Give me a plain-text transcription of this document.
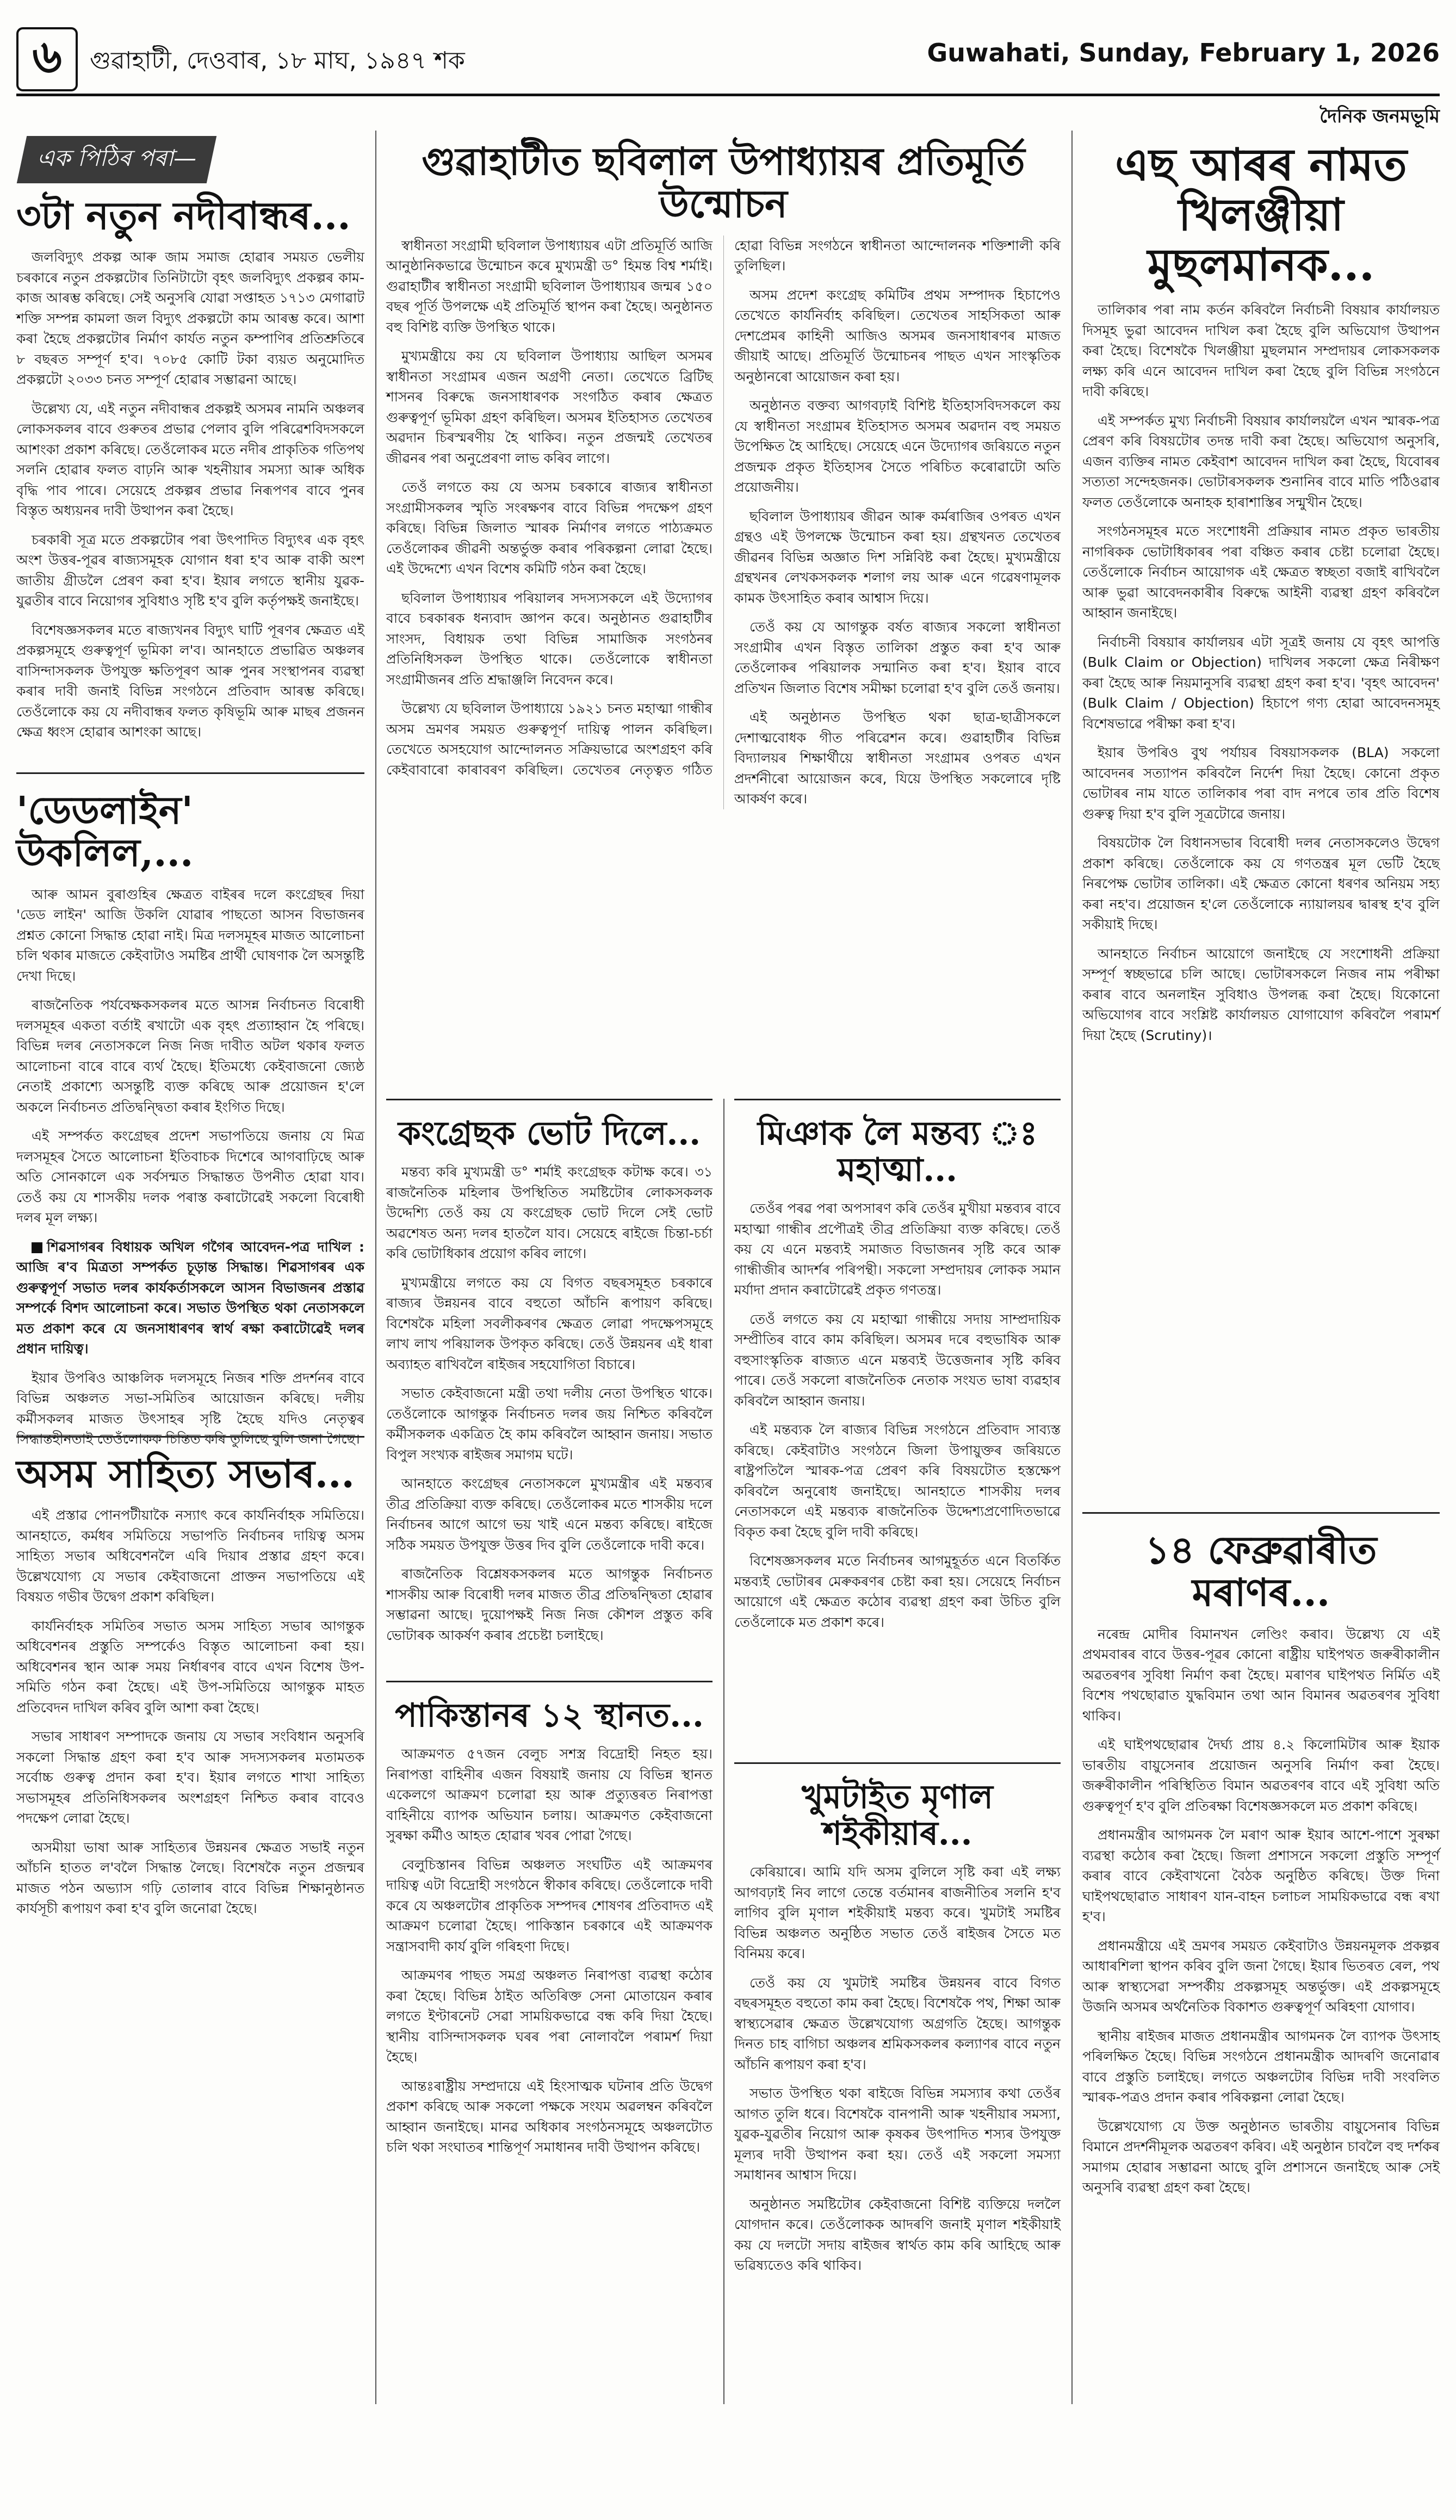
৬	গুৱাহাটী, দেওবাৰ, ১৮ মাঘ, ১৯৪৭ শক	Guwahati, Sunday, February 1, 2026
দৈনিক জনমভূমি
এক পিঠিৰ পৰা—
৩টা নতুন নদীবান্ধৰ...

জলবিদ্যুৎ প্ৰকল্প আৰু জাম সমাজ হোৱাৰ সময়ত ভেলীয় চৰকাৰে নতুন প্ৰকল্পটোৰ তিনিটাটো বৃহৎ জলবিদ্যুৎ প্ৰকল্পৰ কাম-কাজ আৰম্ভ কৰিছে। সেই অনুসৰি যোৱা সপ্তাহত ১৭১৩ মেগাৱাট শক্তি সম্পন্ন কামলা জল বিদ্যুৎ প্ৰকল্পটো কাম আৰম্ভ কৰে। আশা কৰা হৈছে প্ৰকল্পটোৰ নিৰ্মাণ কাৰ্যত নতুন কম্পাণিৰ প্ৰতিশ্ৰুতিৰে ৮ বছৰত সম্পূৰ্ণ হ'ব। ৭০৮৫ কোটি টকা ব্যয়ত অনুমোদিত প্ৰকল্পটো ২০৩৩ চনত সম্পূৰ্ণ হোৱাৰ সম্ভাৱনা আছে।

উল্লেখ্য যে, এই নতুন নদীবান্ধৰ প্ৰকল্পই অসমৰ নামনি অঞ্চলৰ লোকসকলৰ বাবে গুৰুতৰ প্ৰভাৱ পেলাব বুলি পৰিৱেশবিদসকলে আশংকা প্ৰকাশ কৰিছে। তেওঁলোকৰ মতে নদীৰ প্ৰাকৃতিক গতিপথ সলনি হোৱাৰ ফলত বাঢ়নি আৰু খহনীয়াৰ সমস্যা আৰু অধিক বৃদ্ধি পাব পাৰে। সেয়েহে প্ৰকল্পৰ প্ৰভাৱ নিৰূপণৰ বাবে পুনৰ বিস্তৃত অধ্যয়নৰ দাবী উত্থাপন কৰা হৈছে।

চৰকাৰী সূত্ৰ মতে প্ৰকল্পটোৰ পৰা উৎপাদিত বিদ্যুৎৰ এক বৃহৎ অংশ উত্তৰ-পূৱৰ ৰাজ্যসমূহক যোগান ধৰা হ'ব আৰু বাকী অংশ জাতীয় গ্ৰীডলৈ প্ৰেৰণ কৰা হ'ব। ইয়াৰ লগতে স্থানীয় যুৱক-যুৱতীৰ বাবে নিয়োগৰ সুবিধাও সৃষ্টি হ'ব বুলি কৰ্তৃপক্ষই জনাইছে।

বিশেষজ্ঞসকলৰ মতে ৰাজ্যখনৰ বিদ্যুৎ ঘাটি পূৰণৰ ক্ষেত্ৰত এই প্ৰকল্পসমূহে গুৰুত্বপূৰ্ণ ভূমিকা ল'ব। আনহাতে প্ৰভাৱিত অঞ্চলৰ বাসিন্দাসকলক উপযুক্ত ক্ষতিপূৰণ আৰু পুনৰ সংস্থাপনৰ ব্যৱস্থা কৰাৰ দাবী জনাই বিভিন্ন সংগঠনে প্ৰতিবাদ আৰম্ভ কৰিছে। তেওঁলোকে কয় যে নদীবান্ধৰ ফলত কৃষিভূমি আৰু মাছৰ প্ৰজনন ক্ষেত্ৰ ধ্বংস হোৱাৰ আশংকা আছে।

'ডেডলাইন' উকলিল,...

আৰু আমন বুৰাগুহিৰ ক্ষেত্ৰত বাইৰৰ দলে কংগ্ৰেছৰ দিয়া 'ডেড লাইন' আজি উকলি যোৱাৰ পাছতো আসন বিভাজনৰ প্ৰশ্নত কোনো সিদ্ধান্ত হোৱা নাই। মিত্ৰ দলসমূহৰ মাজত আলোচনা চলি থকাৰ মাজতে কেইবাটাও সমষ্টিৰ প্ৰাৰ্থী ঘোষণাক লৈ অসন্তুষ্টি দেখা দিছে।

ৰাজনৈতিক পৰ্যবেক্ষকসকলৰ মতে আসন্ন নিৰ্বাচনত বিৰোধী দলসমূহৰ একতা বৰ্তাই ৰখাটো এক বৃহৎ প্ৰত্যাহ্বান হৈ পৰিছে। বিভিন্ন দলৰ নেতাসকলে নিজ নিজ দাবীত অটল থকাৰ ফলত আলোচনা বাৰে বাৰে ব্যৰ্থ হৈছে। ইতিমধ্যে কেইবাজনো জ্যেষ্ঠ নেতাই প্ৰকাশ্যে অসন্তুষ্টি ব্যক্ত কৰিছে আৰু প্ৰয়োজন হ'লে অকলে নিৰ্বাচনত প্ৰতিদ্বন্দ্বিতা কৰাৰ ইংগিত দিছে।

এই সম্পৰ্কত কংগ্ৰেছৰ প্ৰদেশ সভাপতিয়ে জনায় যে মিত্ৰ দলসমূহৰ সৈতে আলোচনা ইতিবাচক দিশেৰে আগবাঢ়িছে আৰু অতি সোনকালে এক সৰ্বসন্মত সিদ্ধান্তত উপনীত হোৱা যাব। তেওঁ কয় যে শাসকীয় দলক পৰাস্ত কৰাটোৱেই সকলো বিৰোধী দলৰ মূল লক্ষ্য।

শিৱসাগৰৰ বিধায়ক অখিল গগৈৰ আবেদন-পত্ৰ দাখিল : আজি ৰ'ব মিত্ৰতা সম্পৰ্কত চূড়ান্ত সিদ্ধান্ত। শিৱসাগৰৰ এক গুৰুত্বপূৰ্ণ সভাত দলৰ কাৰ্যকৰ্তাসকলে আসন বিভাজনৰ প্ৰস্তাৱ সম্পৰ্কে বিশদ আলোচনা কৰে। সভাত উপস্থিত থকা নেতাসকলে মত প্ৰকাশ কৰে যে জনসাধাৰণৰ স্বাৰ্থ ৰক্ষা কৰাটোৱেই দলৰ প্ৰধান দায়িত্ব।

ইয়াৰ উপৰিও আঞ্চলিক দলসমূহে নিজৰ শক্তি প্ৰদৰ্শনৰ বাবে বিভিন্ন অঞ্চলত সভা-সমিতিৰ আয়োজন কৰিছে। দলীয় কৰ্মীসকলৰ মাজত উৎসাহৰ সৃষ্টি হৈছে যদিও নেতৃত্বৰ সিদ্ধান্তহীনতাই তেওঁলোকক চিন্তিত কৰি তুলিছে বুলি জনা গৈছে।

অসম সাহিত্য সভাৰ...

এই প্ৰস্তাৱ পোনপটীয়াকৈ নস্যাৎ কৰে কাৰ্যনিৰ্বাহক সমিতিয়ে। আনহাতে, কৰ্মধৰ সমিতিয়ে সভাপতি নিৰ্বাচনৰ দায়িত্ব অসম সাহিত্য সভাৰ অধিবেশনলৈ এৰি দিয়াৰ প্ৰস্তাৱ গ্ৰহণ কৰে। উল্লেখযোগ্য যে সভাৰ কেইবাজনো প্ৰাক্তন সভাপতিয়ে এই বিষয়ত গভীৰ উদ্বেগ প্ৰকাশ কৰিছিল।

কাৰ্যনিৰ্বাহক সমিতিৰ সভাত অসম সাহিত্য সভাৰ আগন্তুক অধিবেশনৰ প্ৰস্তুতি সম্পৰ্কেও বিস্তৃত আলোচনা কৰা হয়। অধিবেশনৰ স্থান আৰু সময় নিৰ্ধাৰণৰ বাবে এখন বিশেষ উপ-সমিতি গঠন কৰা হৈছে। এই উপ-সমিতিয়ে আগন্তুক মাহত প্ৰতিবেদন দাখিল কৰিব বুলি আশা কৰা হৈছে।

সভাৰ সাধাৰণ সম্পাদকে জনায় যে সভাৰ সংবিধান অনুসৰি সকলো সিদ্ধান্ত গ্ৰহণ কৰা হ'ব আৰু সদস্যসকলৰ মতামতক সৰ্বোচ্চ গুৰুত্ব প্ৰদান কৰা হ'ব। ইয়াৰ লগতে শাখা সাহিত্য সভাসমূহৰ প্ৰতিনিধিসকলৰ অংশগ্ৰহণ নিশ্চিত কৰাৰ বাবেও পদক্ষেপ লোৱা হৈছে।

অসমীয়া ভাষা আৰু সাহিত্যৰ উন্নয়নৰ ক্ষেত্ৰত সভাই নতুন আঁচনি হাতত ল'বলৈ সিদ্ধান্ত লৈছে। বিশেষকৈ নতুন প্ৰজন্মৰ মাজত পঠন অভ্যাস গঢ়ি তোলাৰ বাবে বিভিন্ন শিক্ষানুষ্ঠানত কাৰ্যসূচী ৰূপায়ণ কৰা হ'ব বুলি জনোৱা হৈছে।

গুৱাহাটীত ছবিলাল উপাধ্যায়ৰ প্ৰতিমূৰ্তি উন্মোচন

স্বাধীনতা সংগ্ৰামী ছবিলাল উপাধ্যায়ৰ এটা প্ৰতিমূৰ্তি আজি আনুষ্ঠানিকভাৱে উন্মোচন কৰে মুখ্যমন্ত্ৰী ড° হিমন্ত বিশ্ব শৰ্মাই। গুৱাহাটীৰ স্বাধীনতা সংগ্ৰামী ছবিলাল উপাধ্যায়ৰ জন্মৰ ১৫০ বছৰ পূৰ্তি উপলক্ষে এই প্ৰতিমূৰ্তি স্থাপন কৰা হৈছে। অনুষ্ঠানত বহু বিশিষ্ট ব্যক্তি উপস্থিত থাকে।

মুখ্যমন্ত্ৰীয়ে কয় যে ছবিলাল উপাধ্যায় আছিল অসমৰ স্বাধীনতা সংগ্ৰামৰ এজন অগ্ৰণী নেতা। তেখেতে ব্ৰিটিছ শাসনৰ বিৰুদ্ধে জনসাধাৰণক সংগঠিত কৰাৰ ক্ষেত্ৰত গুৰুত্বপূৰ্ণ ভূমিকা গ্ৰহণ কৰিছিল। অসমৰ ইতিহাসত তেখেতৰ অৱদান চিৰস্মৰণীয় হৈ থাকিব। নতুন প্ৰজন্মই তেখেতৰ জীৱনৰ পৰা অনুপ্ৰেৰণা লাভ কৰিব লাগে।

তেওঁ লগতে কয় যে অসম চৰকাৰে ৰাজ্যৰ স্বাধীনতা সংগ্ৰামীসকলৰ স্মৃতি সংৰক্ষণৰ বাবে বিভিন্ন পদক্ষেপ গ্ৰহণ কৰিছে। বিভিন্ন জিলাত স্মাৰক নিৰ্মাণৰ লগতে পাঠ্যক্ৰমত তেওঁলোকৰ জীৱনী অন্তৰ্ভুক্ত কৰাৰ পৰিকল্পনা লোৱা হৈছে। এই উদ্দেশ্যে এখন বিশেষ কমিটি গঠন কৰা হৈছে।

ছবিলাল উপাধ্যায়ৰ পৰিয়ালৰ সদস্যসকলে এই উদ্যোগৰ বাবে চৰকাৰক ধন্যবাদ জ্ঞাপন কৰে। অনুষ্ঠানত গুৱাহাটীৰ সাংসদ, বিধায়ক তথা বিভিন্ন সামাজিক সংগঠনৰ প্ৰতিনিধিসকল উপস্থিত থাকে। তেওঁলোকে স্বাধীনতা সংগ্ৰামীজনৰ প্ৰতি শ্ৰদ্ধাঞ্জলি নিবেদন কৰে।

উল্লেখ্য যে ছবিলাল উপাধ্যায়ে ১৯২১ চনত মহাত্মা গান্ধীৰ অসম ভ্ৰমণৰ সময়ত গুৰুত্বপূৰ্ণ দায়িত্ব পালন কৰিছিল। তেখেতে অসহযোগ আন্দোলনত সক্ৰিয়ভাৱে অংশগ্ৰহণ কৰি কেইবাবাৰো কাৰাবৰণ কৰিছিল। তেখেতৰ নেতৃত্বত গঠিত হোৱা বিভিন্ন সংগঠনে স্বাধীনতা আন্দোলনক শক্তিশালী কৰি তুলিছিল।

অসম প্ৰদেশ কংগ্ৰেছ কমিটিৰ প্ৰথম সম্পাদক হিচাপেও তেখেতে কাৰ্যনিৰ্বাহ কৰিছিল। তেখেতৰ সাহসিকতা আৰু দেশপ্ৰেমৰ কাহিনী আজিও অসমৰ জনসাধাৰণৰ মাজত জীয়াই আছে। প্ৰতিমূৰ্তি উন্মোচনৰ পাছত এখন সাংস্কৃতিক অনুষ্ঠানৰো আয়োজন কৰা হয়।

অনুষ্ঠানত বক্তব্য আগবঢ়াই বিশিষ্ট ইতিহাসবিদসকলে কয় যে স্বাধীনতা সংগ্ৰামৰ ইতিহাসত অসমৰ অৱদান বহু সময়ত উপেক্ষিত হৈ আহিছে। সেয়েহে এনে উদ্যোগৰ জৰিয়তে নতুন প্ৰজন্মক প্ৰকৃত ইতিহাসৰ সৈতে পৰিচিত কৰোৱাটো অতি প্ৰয়োজনীয়।

ছবিলাল উপাধ্যায়ৰ জীৱন আৰু কৰ্মৰাজিৰ ওপৰত এখন গ্ৰন্থও এই উপলক্ষে উন্মোচন কৰা হয়। গ্ৰন্থখনত তেখেতৰ জীৱনৰ বিভিন্ন অজ্ঞাত দিশ সন্নিবিষ্ট কৰা হৈছে। মুখ্যমন্ত্ৰীয়ে গ্ৰন্থখনৰ লেখকসকলক শলাগ লয় আৰু এনে গৱেষণামূলক কামক উৎসাহিত কৰাৰ আশ্বাস দিয়ে।

তেওঁ কয় যে আগন্তুক বৰ্ষত ৰাজ্যৰ সকলো স্বাধীনতা সংগ্ৰামীৰ এখন বিস্তৃত তালিকা প্ৰস্তুত কৰা হ'ব আৰু তেওঁলোকৰ পৰিয়ালক সন্মানিত কৰা হ'ব। ইয়াৰ বাবে প্ৰতিখন জিলাত বিশেষ সমীক্ষা চলোৱা হ'ব বুলি তেওঁ জনায়।

এই অনুষ্ঠানত উপস্থিত থকা ছাত্ৰ-ছাত্ৰীসকলে দেশাত্মবোধক গীত পৰিৱেশন কৰে। গুৱাহাটীৰ বিভিন্ন বিদ্যালয়ৰ শিক্ষাৰ্থীয়ে স্বাধীনতা সংগ্ৰামৰ ওপৰত এখন প্ৰদৰ্শনীৰো আয়োজন কৰে, যিয়ে উপস্থিত সকলোৰে দৃষ্টি আকৰ্ষণ কৰে।

কংগ্ৰেছক ভোট দিলে...

মন্তব্য কৰি মুখ্যমন্ত্ৰী ড° শৰ্মাই কংগ্ৰেছক কটাক্ষ কৰে। ৩১ ৰাজনৈতিক মহিলাৰ উপস্থিতিত সমষ্টিটোৰ লোকসকলক উদ্দেশ্যি তেওঁ কয় যে কংগ্ৰেছক ভোট দিলে সেই ভোট অৱশেষত অন্য দলৰ হাতলৈ যাব। সেয়েহে ৰাইজে চিন্তা-চৰ্চা কৰি ভোটাধিকাৰ প্ৰয়োগ কৰিব লাগে।

মুখ্যমন্ত্ৰীয়ে লগতে কয় যে বিগত বছৰসমূহত চৰকাৰে ৰাজ্যৰ উন্নয়নৰ বাবে বহুতো আঁচনি ৰূপায়ণ কৰিছে। বিশেষকৈ মহিলা সবলীকৰণৰ ক্ষেত্ৰত লোৱা পদক্ষেপসমূহে লাখ লাখ পৰিয়ালক উপকৃত কৰিছে। তেওঁ উন্নয়নৰ এই ধাৰা অব্যাহত ৰাখিবলৈ ৰাইজৰ সহযোগিতা বিচাৰে।

সভাত কেইবাজনো মন্ত্ৰী তথা দলীয় নেতা উপস্থিত থাকে। তেওঁলোকে আগন্তুক নিৰ্বাচনত দলৰ জয় নিশ্চিত কৰিবলৈ কৰ্মীসকলক একত্ৰিত হৈ কাম কৰিবলৈ আহ্বান জনায়। সভাত বিপুল সংখ্যক ৰাইজৰ সমাগম ঘটে।

আনহাতে কংগ্ৰেছৰ নেতাসকলে মুখ্যমন্ত্ৰীৰ এই মন্তব্যৰ তীব্ৰ প্ৰতিক্ৰিয়া ব্যক্ত কৰিছে। তেওঁলোকৰ মতে শাসকীয় দলে নিৰ্বাচনৰ আগে আগে ভয় খাই এনে মন্তব্য কৰিছে। ৰাইজে সঠিক সময়ত উপযুক্ত উত্তৰ দিব বুলি তেওঁলোকে দাবী কৰে।

ৰাজনৈতিক বিশ্লেষকসকলৰ মতে আগন্তুক নিৰ্বাচনত শাসকীয় আৰু বিৰোধী দলৰ মাজত তীব্ৰ প্ৰতিদ্বন্দ্বিতা হোৱাৰ সম্ভাৱনা আছে। দুয়োপক্ষই নিজ নিজ কৌশল প্ৰস্তুত কৰি ভোটাৰক আকৰ্ষণ কৰাৰ প্ৰচেষ্টা চলাইছে।

পাকিস্তানৰ ১২ স্থানত...

আক্ৰমণত ৫৭জন বেলুচ সশস্ত্ৰ বিদ্ৰোহী নিহত হয়। নিৰাপত্তা বাহিনীৰ এজন বিষয়াই জনায় যে বিভিন্ন স্থানত একেলগে আক্ৰমণ চলোৱা হয় আৰু প্ৰত্যুত্তৰত নিৰাপত্তা বাহিনীয়ে ব্যাপক অভিযান চলায়। আক্ৰমণত কেইবাজনো সুৰক্ষা কৰ্মীও আহত হোৱাৰ খবৰ পোৱা গৈছে।

বেলুচিস্তানৰ বিভিন্ন অঞ্চলত সংঘটিত এই আক্ৰমণৰ দায়িত্ব এটা বিদ্ৰোহী সংগঠনে স্বীকাৰ কৰিছে। তেওঁলোকে দাবী কৰে যে অঞ্চলটোৰ প্ৰাকৃতিক সম্পদৰ শোষণৰ প্ৰতিবাদত এই আক্ৰমণ চলোৱা হৈছে। পাকিস্তান চৰকাৰে এই আক্ৰমণক সন্ত্ৰাসবাদী কাৰ্য বুলি গৰিহণা দিছে।

আক্ৰমণৰ পাছত সমগ্ৰ অঞ্চলত নিৰাপত্তা ব্যৱস্থা কঠোৰ কৰা হৈছে। বিভিন্ন ঠাইত অতিৰিক্ত সেনা মোতায়েন কৰাৰ লগতে ইণ্টাৰনেট সেৱা সাময়িকভাৱে বন্ধ কৰি দিয়া হৈছে। স্থানীয় বাসিন্দাসকলক ঘৰৰ পৰা নোলাবলৈ পৰামৰ্শ দিয়া হৈছে।

আন্তঃৰাষ্ট্ৰীয় সম্প্ৰদায়ে এই হিংসাত্মক ঘটনাৰ প্ৰতি উদ্বেগ প্ৰকাশ কৰিছে আৰু সকলো পক্ষকে সংযম অৱলম্বন কৰিবলৈ আহ্বান জনাইছে। মানৱ অধিকাৰ সংগঠনসমূহে অঞ্চলটোত চলি থকা সংঘাতৰ শান্তিপূৰ্ণ সমাধানৰ দাবী উত্থাপন কৰিছে।

মিঞাক লৈ মন্তব্য ঃ মহাত্মা...

তেওঁৰ পৰৱ পৰা অপসাৰণ কৰি তেওঁৰ মুখীয়া মন্তব্যৰ বাবে মহাত্মা গান্ধীৰ প্ৰপৌত্ৰই তীব্ৰ প্ৰতিক্ৰিয়া ব্যক্ত কৰিছে। তেওঁ কয় যে এনে মন্তব্যই সমাজত বিভাজনৰ সৃষ্টি কৰে আৰু গান্ধীজীৰ আদৰ্শৰ পৰিপন্থী। সকলো সম্প্ৰদায়ৰ লোকক সমান মৰ্যাদা প্ৰদান কৰাটোৱেই প্ৰকৃত গণতন্ত্ৰ।

তেওঁ লগতে কয় যে মহাত্মা গান্ধীয়ে সদায় সাম্প্ৰদায়িক সম্প্ৰীতিৰ বাবে কাম কৰিছিল। অসমৰ দৰে বহুভাষিক আৰু বহুসাংস্কৃতিক ৰাজ্যত এনে মন্তব্যই উত্তেজনাৰ সৃষ্টি কৰিব পাৰে। তেওঁ সকলো ৰাজনৈতিক নেতাক সংযত ভাষা ব্যৱহাৰ কৰিবলৈ আহ্বান জনায়।

এই মন্তব্যক লৈ ৰাজ্যৰ বিভিন্ন সংগঠনে প্ৰতিবাদ সাব্যস্ত কৰিছে। কেইবাটাও সংগঠনে জিলা উপায়ুক্তৰ জৰিয়তে ৰাষ্ট্ৰপতিলৈ স্মাৰক-পত্ৰ প্ৰেৰণ কৰি বিষয়টোত হস্তক্ষেপ কৰিবলৈ অনুৰোধ জনাইছে। আনহাতে শাসকীয় দলৰ নেতাসকলে এই মন্তব্যক ৰাজনৈতিক উদ্দেশ্যপ্ৰণোদিতভাৱে বিকৃত কৰা হৈছে বুলি দাবী কৰিছে।

বিশেষজ্ঞসকলৰ মতে নিৰ্বাচনৰ আগমুহূৰ্তত এনে বিতৰ্কিত মন্তব্যই ভোটাৰৰ মেৰুকৰণৰ চেষ্টা কৰা হয়। সেয়েহে নিৰ্বাচন আয়োগে এই ক্ষেত্ৰত কঠোৰ ব্যৱস্থা গ্ৰহণ কৰা উচিত বুলি তেওঁলোকে মত প্ৰকাশ কৰে।

খুমটাইত মৃণাল শইকীয়াৰ...

কেৰিয়াৰে। আমি যদি অসম বুলিলে সৃষ্টি কৰা এই লক্ষ্য আগবঢ়াই নিব লাগে তেন্তে বৰ্তমানৰ ৰাজনীতিৰ সলনি হ'ব লাগিব বুলি মৃণাল শইকীয়াই মন্তব্য কৰে। খুমটাই সমষ্টিৰ বিভিন্ন অঞ্চলত অনুষ্ঠিত সভাত তেওঁ ৰাইজৰ সৈতে মত বিনিময় কৰে।

তেওঁ কয় যে খুমটাই সমষ্টিৰ উন্নয়নৰ বাবে বিগত বছৰসমূহত বহুতো কাম কৰা হৈছে। বিশেষকৈ পথ, শিক্ষা আৰু স্বাস্থ্যসেৱাৰ ক্ষেত্ৰত উল্লেখযোগ্য অগ্ৰগতি হৈছে। আগন্তুক দিনত চাহ বাগিচা অঞ্চলৰ শ্ৰমিকসকলৰ কল্যাণৰ বাবে নতুন আঁচনি ৰূপায়ণ কৰা হ'ব।

সভাত উপস্থিত থকা ৰাইজে বিভিন্ন সমস্যাৰ কথা তেওঁৰ আগত তুলি ধৰে। বিশেষকৈ বানপানী আৰু খহনীয়াৰ সমস্যা, যুৱক-যুৱতীৰ নিয়োগ আৰু কৃষকৰ উৎপাদিত শস্যৰ উপযুক্ত মূল্যৰ দাবী উত্থাপন কৰা হয়। তেওঁ এই সকলো সমস্যা সমাধানৰ আশ্বাস দিয়ে।

অনুষ্ঠানত সমষ্টিটোৰ কেইবাজনো বিশিষ্ট ব্যক্তিয়ে দললৈ যোগদান কৰে। তেওঁলোকক আদৰণি জনাই মৃণাল শইকীয়াই কয় যে দলটো সদায় ৰাইজৰ স্বাৰ্থত কাম কৰি আহিছে আৰু ভৱিষ্যতেও কৰি থাকিব।

এছ আৰৰ নামত খিলঞ্জীয়া মুছলমানক...

তালিকাৰ পৰা নাম কৰ্তন কৰিবলৈ নিৰ্বাচনী বিষয়াৰ কাৰ্যালয়ত দিসমূহ ভুৱা আবেদন দাখিল কৰা হৈছে বুলি অভিযোগ উত্থাপন কৰা হৈছে। বিশেষকৈ খিলঞ্জীয়া মুছলমান সম্প্ৰদায়ৰ লোকসকলক লক্ষ্য কৰি এনে আবেদন দাখিল কৰা হৈছে বুলি বিভিন্ন সংগঠনে দাবী কৰিছে।

এই সম্পৰ্কত মুখ্য নিৰ্বাচনী বিষয়াৰ কাৰ্যালয়লৈ এখন স্মাৰক-পত্ৰ প্ৰেৰণ কৰি বিষয়টোৰ তদন্ত দাবী কৰা হৈছে। অভিযোগ অনুসৰি, এজন ব্যক্তিৰ নামত কেইবাশ আবেদন দাখিল কৰা হৈছে, যিবোৰৰ সত্যতা সন্দেহজনক। ভোটাৰসকলক শুনানিৰ বাবে মাতি পঠিওৱাৰ ফলত তেওঁলোকে অনাহক হাৰাশাস্তিৰ সন্মুখীন হৈছে।

সংগঠনসমূহৰ মতে সংশোধনী প্ৰক্ৰিয়াৰ নামত প্ৰকৃত ভাৰতীয় নাগৰিকক ভোটাধিকাৰৰ পৰা বঞ্চিত কৰাৰ চেষ্টা চলোৱা হৈছে। তেওঁলোকে নিৰ্বাচন আয়োগক এই ক্ষেত্ৰত স্বচ্ছতা বজাই ৰাখিবলৈ আৰু ভুৱা আবেদনকাৰীৰ বিৰুদ্ধে আইনী ব্যৱস্থা গ্ৰহণ কৰিবলৈ আহ্বান জনাইছে।

নিৰ্বাচনী বিষয়াৰ কাৰ্যালয়ৰ এটা সূত্ৰই জনায় যে বৃহৎ আপত্তি (Bulk Claim or Objection) দাখিলৰ সকলো ক্ষেত্ৰ নিৰীক্ষণ কৰা হৈছে আৰু নিয়মানুসৰি ব্যৱস্থা গ্ৰহণ কৰা হ'ব। 'বৃহৎ আবেদন' (Bulk Claim / Objection) হিচাপে গণ্য হোৱা আবেদনসমূহ বিশেষভাৱে পৰীক্ষা কৰা হ'ব।

ইয়াৰ উপৰিও বুথ পৰ্যায়ৰ বিষয়াসকলক (BLA) সকলো আবেদনৰ সত্যাপন কৰিবলৈ নিৰ্দেশ দিয়া হৈছে। কোনো প্ৰকৃত ভোটাৰৰ নাম যাতে তালিকাৰ পৰা বাদ নপৰে তাৰ প্ৰতি বিশেষ গুৰুত্ব দিয়া হ'ব বুলি সূত্ৰটোৱে জনায়।

বিষয়টোক লৈ বিধানসভাৰ বিৰোধী দলৰ নেতাসকলেও উদ্বেগ প্ৰকাশ কৰিছে। তেওঁলোকে কয় যে গণতন্ত্ৰৰ মূল ভেটি হৈছে নিৰপেক্ষ ভোটাৰ তালিকা। এই ক্ষেত্ৰত কোনো ধৰণৰ অনিয়ম সহ্য কৰা নহ'ব। প্ৰয়োজন হ'লে তেওঁলোকে ন্যায়ালয়ৰ দ্বাৰস্থ হ'ব বুলি সকীয়াই দিছে।

আনহাতে নিৰ্বাচন আয়োগে জনাইছে যে সংশোধনী প্ৰক্ৰিয়া সম্পূৰ্ণ স্বচ্ছভাৱে চলি আছে। ভোটাৰসকলে নিজৰ নাম পৰীক্ষা কৰাৰ বাবে অনলাইন সুবিধাও উপলব্ধ কৰা হৈছে। যিকোনো অভিযোগৰ বাবে সংশ্লিষ্ট কাৰ্যালয়ত যোগাযোগ কৰিবলৈ পৰামৰ্শ দিয়া হৈছে (Scrutiny)।

১৪ ফেব্ৰুৱাৰীত মৰাণৰ...

নৰেন্দ্ৰ মোদীৰ বিমানখন লেণ্ডিং কৰাব। উল্লেখ্য যে এই প্ৰথমবাৰৰ বাবে উত্তৰ-পূৱৰ কোনো ৰাষ্ট্ৰীয় ঘাইপথত জৰুৰীকালীন অৱতৰণৰ সুবিধা নিৰ্মাণ কৰা হৈছে। মৰাণৰ ঘাইপথত নিৰ্মিত এই বিশেষ পথছোৱাত যুদ্ধবিমান তথা আন বিমানৰ অৱতৰণৰ সুবিধা থাকিব।

এই ঘাইপথছোৱাৰ দৈৰ্ঘ্য প্ৰায় ৪.২ কিলোমিটাৰ আৰু ইয়াক ভাৰতীয় বায়ুসেনাৰ প্ৰয়োজন অনুসৰি নিৰ্মাণ কৰা হৈছে। জৰুৰীকালীন পৰিস্থিতিত বিমান অৱতৰণৰ বাবে এই সুবিধা অতি গুৰুত্বপূৰ্ণ হ'ব বুলি প্ৰতিৰক্ষা বিশেষজ্ঞসকলে মত প্ৰকাশ কৰিছে।

প্ৰধানমন্ত্ৰীৰ আগমনক লৈ মৰাণ আৰু ইয়াৰ আশে-পাশে সুৰক্ষা ব্যৱস্থা কঠোৰ কৰা হৈছে। জিলা প্ৰশাসনে সকলো প্ৰস্তুতি সম্পূৰ্ণ কৰাৰ বাবে কেইবাখনো বৈঠক অনুষ্ঠিত কৰিছে। উক্ত দিনা ঘাইপথছোৱাত সাধাৰণ যান-বাহন চলাচল সাময়িকভাৱে বন্ধ ৰখা হ'ব।

প্ৰধানমন্ত্ৰীয়ে এই ভ্ৰমণৰ সময়ত কেইবাটাও উন্নয়নমূলক প্ৰকল্পৰ আধাৰশিলা স্থাপন কৰিব বুলি জনা গৈছে। ইয়াৰ ভিতৰত ৰেল, পথ আৰু স্বাস্থ্যসেৱা সম্পৰ্কীয় প্ৰকল্পসমূহ অন্তৰ্ভুক্ত। এই প্ৰকল্পসমূহে উজনি অসমৰ অৰ্থনৈতিক বিকাশত গুৰুত্বপূৰ্ণ অৰিহণা যোগাব।

স্থানীয় ৰাইজৰ মাজত প্ৰধানমন্ত্ৰীৰ আগমনক লৈ ব্যাপক উৎসাহ পৰিলক্ষিত হৈছে। বিভিন্ন সংগঠনে প্ৰধানমন্ত্ৰীক আদৰণি জনোৱাৰ বাবে প্ৰস্তুতি চলাইছে। লগতে অঞ্চলটোৰ বিভিন্ন দাবী সংবলিত স্মাৰক-পত্ৰও প্ৰদান কৰাৰ পৰিকল্পনা লোৱা হৈছে।

উল্লেখযোগ্য যে উক্ত অনুষ্ঠানত ভাৰতীয় বায়ুসেনাৰ বিভিন্ন বিমানে প্ৰদৰ্শনীমূলক অৱতৰণ কৰিব। এই অনুষ্ঠান চাবলৈ বহু দৰ্শকৰ সমাগম হোৱাৰ সম্ভাৱনা আছে বুলি প্ৰশাসনে জনাইছে আৰু সেই অনুসৰি ব্যৱস্থা গ্ৰহণ কৰা হৈছে।
